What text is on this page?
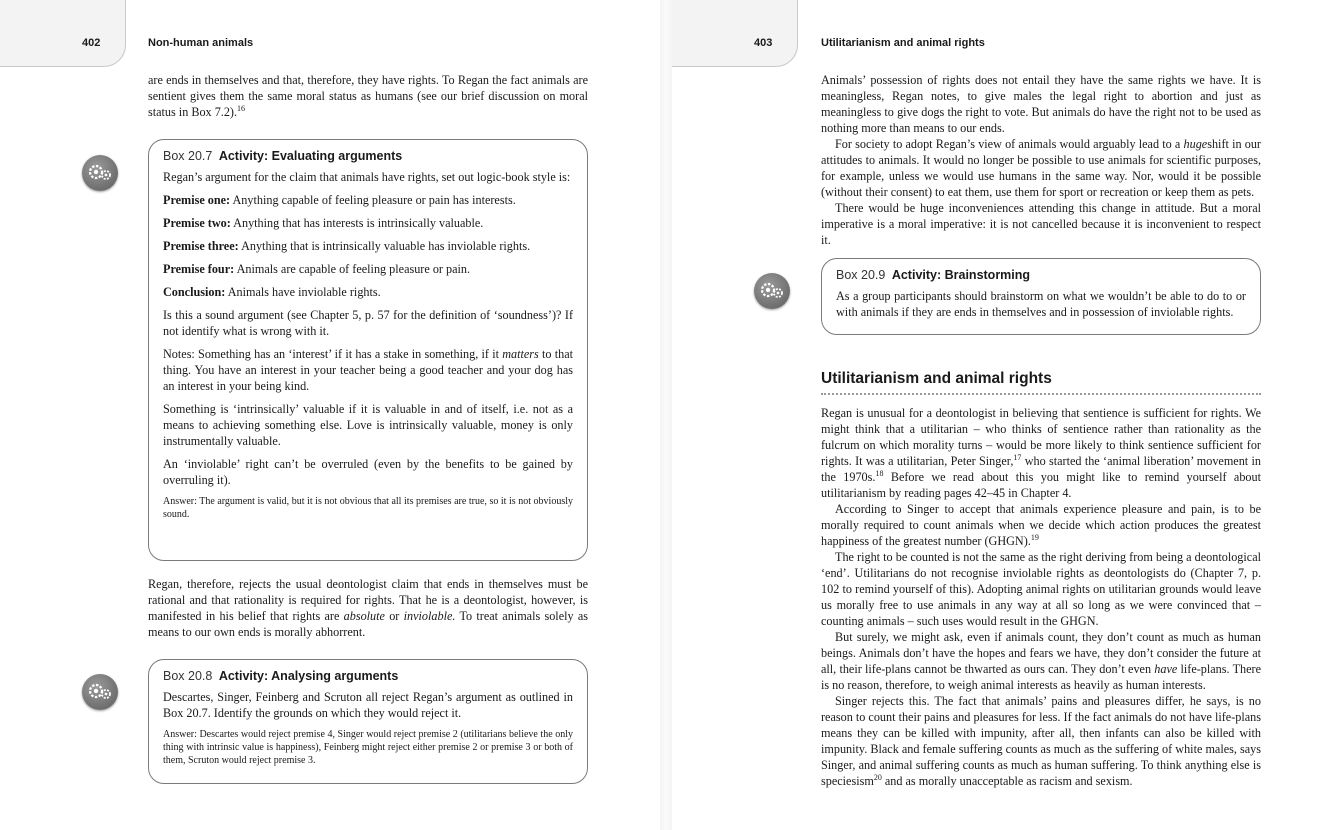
402	Non-human animals

are ends in themselves and that, therefore, they have rights. To Regan the fact animals are sentient gives them the same moral status as humans (see our brief discussion on moral status in Box 7.2).$^{16}$

Box 20.7 Activity: Evaluating arguments

Regan’s argument for the claim that animals have rights, set out logic-book style is:

Premise one: Anything capable of feeling pleasure or pain has interests.

Premise two: Anything that has interests is intrinsically valuable.

Premise three: Anything that is intrinsically valuable has inviolable rights.

Premise four: Animals are capable of feeling pleasure or pain.

Conclusion: Animals have inviolable rights.

Is this a sound argument (see Chapter 5, p. 57 for the definition of ‘soundness’)? If not identify what is wrong with it.

Notes: Something has an ‘interest’ if it has a stake in something, if it matters to that thing. You have an interest in your teacher being a good teacher and your dog has an interest in your being kind.

Something is ‘intrinsically’ valuable if it is valuable in and of itself, i.e. not as a means to achieving something else. Love is intrinsically valuable, money is only instrumentally valuable.

An ‘inviolable’ right can’t be overruled (even by the benefits to be gained by overruling it).

Answer: The argument is valid, but it is not obvious that all its premises are true, so it is not obviously sound.

Regan, therefore, rejects the usual deontologist claim that ends in themselves must be rational and that rationality is required for rights. That he is a deontologist, however, is manifested in his belief that rights are absolute or inviolable. To treat animals solely as means to our own ends is morally abhorrent.

Box 20.8 Activity: Analysing arguments

Descartes, Singer, Feinberg and Scruton all reject Regan’s argument as outlined in Box 20.7. Identify the grounds on which they would reject it.

Answer: Descartes would reject premise 4, Singer would reject premise 2 (utilitarians believe the only thing with intrinsic value is happiness), Feinberg might reject either premise 2 or premise 3 or both of them, Scruton would reject premise 3.

403	Utilitarianism and animal rights

Animals’ possession of rights does not entail they have the same rights we have. It is meaningless, Regan notes, to give males the legal right to abortion and just as meaningless to give dogs the right to vote. But animals do have the right not to be used as nothing more than means to our ends.

For society to adopt Regan’s view of animals would arguably lead to a hugeshift in our attitudes to animals. It would no longer be possible to use animals for scientific purposes, for example, unless we would use humans in the same way. Nor, would it be possible (without their consent) to eat them, use them for sport or recreation or keep them as pets.

There would be huge inconveniences attending this change in attitude. But a moral imperative is a moral imperative: it is not cancelled because it is inconvenient to respect it.

Box 20.9 Activity: Brainstorming

As a group participants should brainstorm on what we wouldn’t be able to do to or with animals if they are ends in themselves and in possession of inviolable rights.

Utilitarianism and animal rights

Regan is unusual for a deontologist in believing that sentience is sufficient for rights. We might think that a utilitarian – who thinks of sentience rather than rationality as the fulcrum on which morality turns – would be more likely to think sentience sufficient for rights. It was a utilitarian, Peter Singer,$^{17}$ who started the ‘animal liberation’ movement in the 1970s.$^{18}$ Before we read about this you might like to remind yourself about utilitarianism by reading pages 42–45 in Chapter 4.

According to Singer to accept that animals experience pleasure and pain, is to be morally required to count animals when we decide which action produces the greatest happiness of the greatest number (GHGN).$^{19}$

The right to be counted is not the same as the right deriving from being a deontological ‘end’. Utilitarians do not recognise inviolable rights as deontologists do (Chapter 7, p. 102 to remind yourself of this). Adopting animal rights on utilitarian grounds would leave us morally free to use animals in any way at all so long as we were convinced that – counting animals – such uses would result in the GHGN.

But surely, we might ask, even if animals count, they don’t count as much as human beings. Animals don’t have the hopes and fears we have, they don’t consider the future at all, their life-plans cannot be thwarted as ours can. They don’t even have life-plans. There is no reason, therefore, to weigh animal interests as heavily as human interests.

Singer rejects this. The fact that animals’ pains and pleasures differ, he says, is no reason to count their pains and pleasures for less. If the fact animals do not have life-plans means they can be killed with impunity, after all, then infants can also be killed with impunity. Black and female suffering counts as much as the suffering of white males, says Singer, and animal suffering counts as much as human suffering. To think anything else is speciesism$^{20}$ and as morally unacceptable as racism and sexism.
